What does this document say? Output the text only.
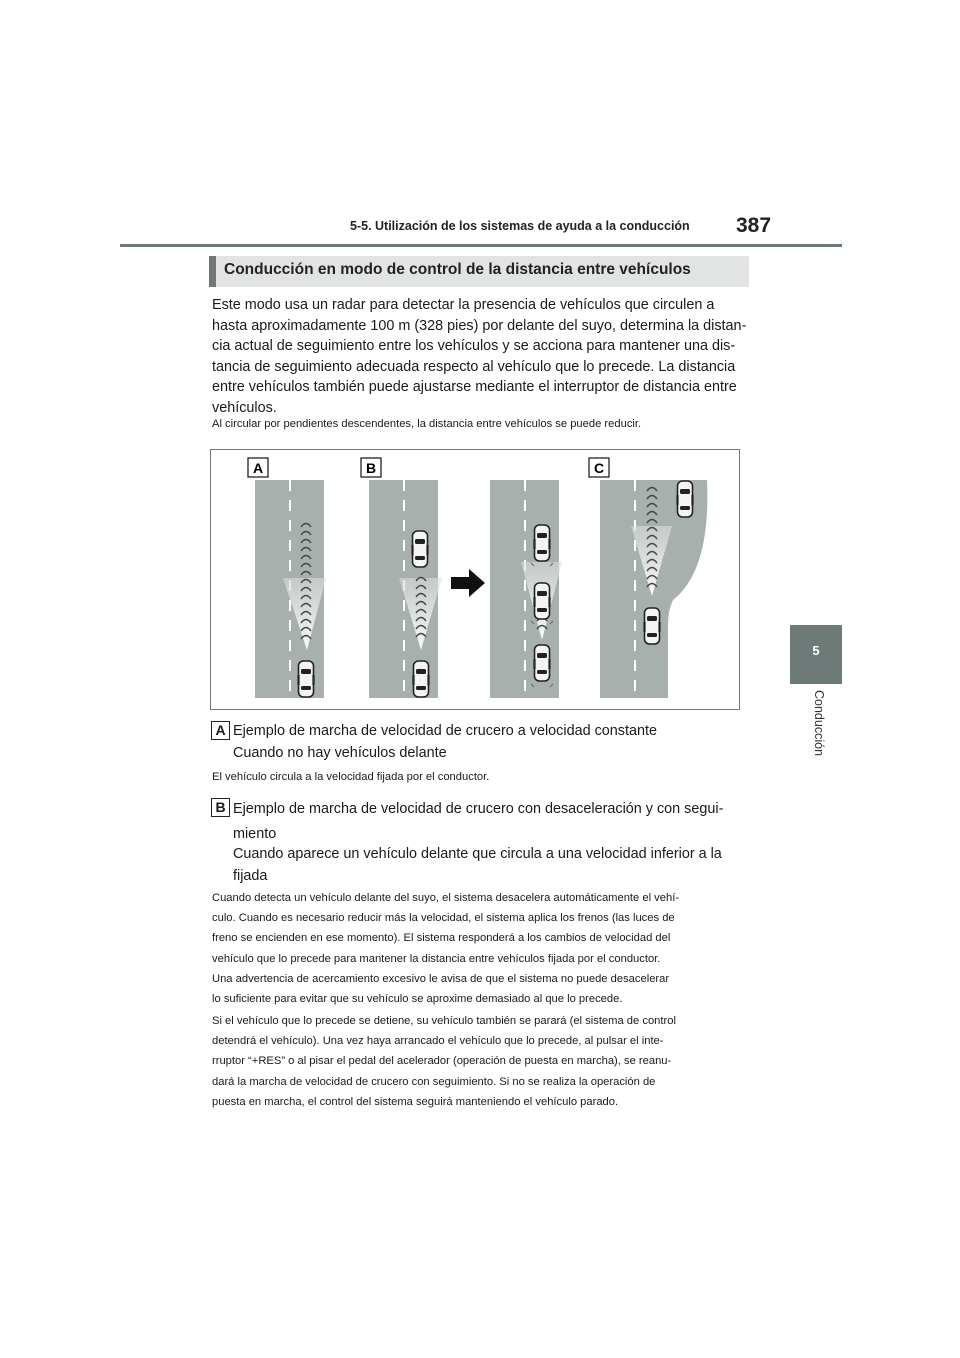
5-5. Utilización de los sistemas de ayuda a la conducción 387
5
Conducción
Conducción en modo de control de la distancia entre vehículos
Este modo usa un radar para detectar la presencia de vehículos que circulen a
hasta aproximadamente 100 m (328 pies) por delante del suyo, determina la distan-
cia actual de seguimiento entre los vehículos y se acciona para mantener una dis-
tancia de seguimiento adecuada respecto al vehículo que lo precede. La distancia
entre vehículos también puede ajustarse mediante el interruptor de distancia entre
vehículos.
Al circular por pendientes descendentes, la distancia entre vehículos se puede reducir.
A	B	C
A Ejemplo de marcha de velocidad de crucero a velocidad constante
Cuando no hay vehículos delante
El vehículo circula a la velocidad fijada por el conductor.
B Ejemplo de marcha de velocidad de crucero con desaceleración y con segui-
miento
Cuando aparece un vehículo delante que circula a una velocidad inferior a la
fijada
Cuando detecta un vehículo delante del suyo, el sistema desacelera automáticamente el vehí-
culo. Cuando es necesario reducir más la velocidad, el sistema aplica los frenos (las luces de
freno se encienden en ese momento). El sistema responderá a los cambios de velocidad del
vehículo que lo precede para mantener la distancia entre vehículos fijada por el conductor.
Una advertencia de acercamiento excesivo le avisa de que el sistema no puede desacelerar
lo suficiente para evitar que su vehículo se aproxime demasiado al que lo precede.
Si el vehículo que lo precede se detiene, su vehículo también se parará (el sistema de control
detendrá el vehículo). Una vez haya arrancado el vehículo que lo precede, al pulsar el inte-
rruptor “+RES” o al pisar el pedal del acelerador (operación de puesta en marcha), se reanu-
dará la marcha de velocidad de crucero con seguimiento. Si no se realiza la operación de
puesta en marcha, el control del sistema seguirá manteniendo el vehículo parado.
